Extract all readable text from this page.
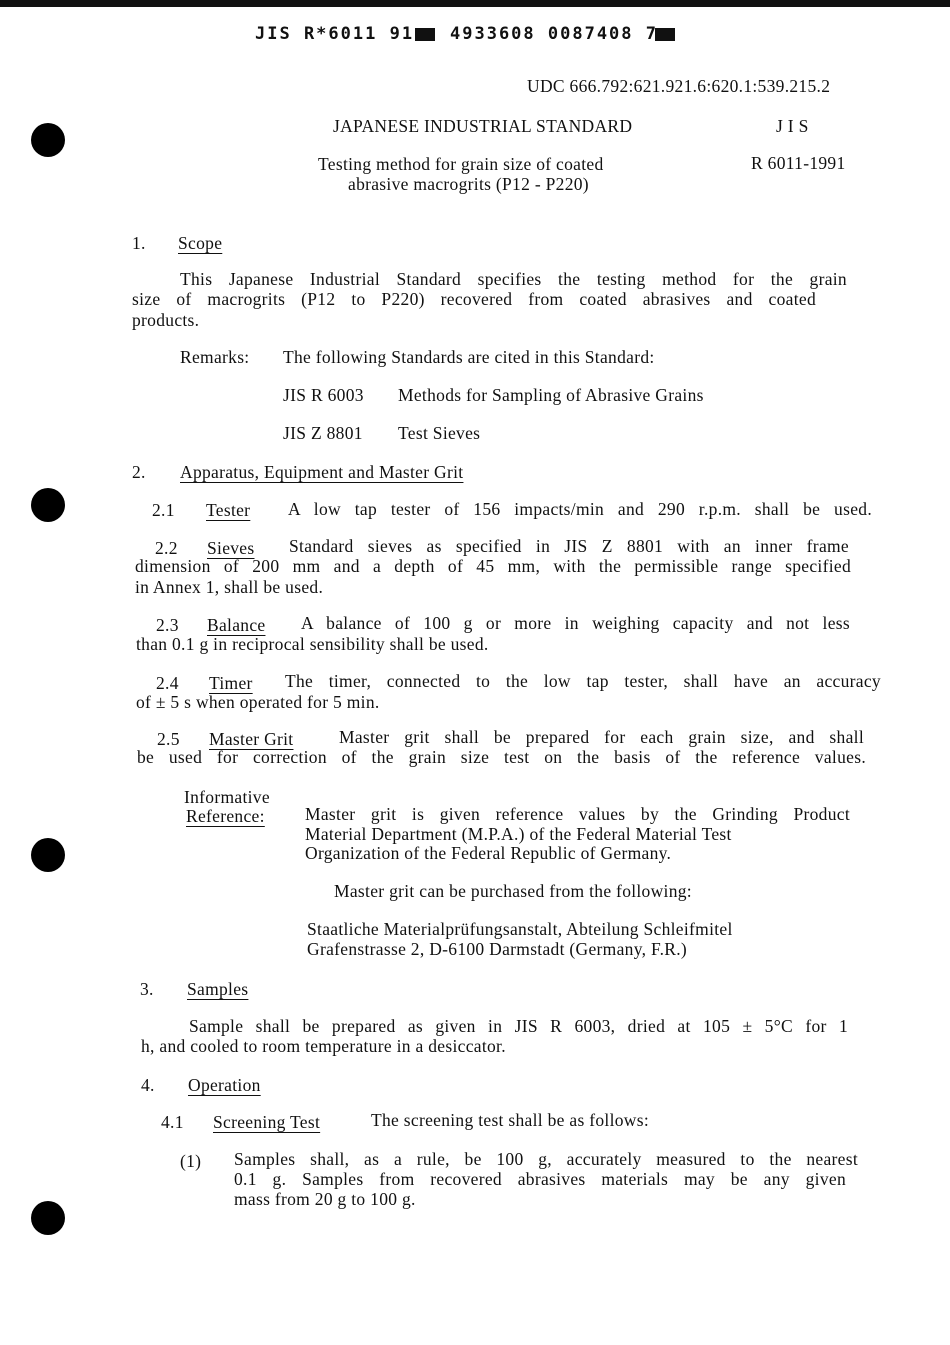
JIS R*6011 91 4933608 0087408 7
UDC 666.792:621.921.6:620.1:539.215.2
JAPANESE INDUSTRIAL STANDARD	J I S
Testing method for grain size of coated
abrasive macrogrits (P12 - P220)
R 6011-1991
1. Scope
This Japanese Industrial Standard specifies the testing method for the grain
size of macrogrits (P12 to P220) recovered from coated abrasives and coated
products.
Remarks: The following Standards are cited in this Standard:
JIS R 6003 Methods for Sampling of Abrasive Grains
JIS Z 8801 Test Sieves
2. Apparatus, Equipment and Master Grit
2.1 Tester A low tap tester of 156 impacts/min and 290 r.p.m. shall be used.
2.2 Sieves Standard sieves as specified in JIS Z 8801 with an inner frame
dimension of 200 mm and a depth of 45 mm, with the permissible range specified
in Annex 1, shall be used.
2.3 Balance A balance of 100 g or more in weighing capacity and not less
than 0.1 g in reciprocal sensibility shall be used.
2.4 Timer The timer, connected to the low tap tester, shall have an accuracy
of ± 5 s when operated for 5 min.
2.5 Master Grit	Master grit shall be prepared for each grain size, and shall
be used for correction of the grain size test on the basis of the reference values.
Informative
Reference: Master grit is given reference values by the Grinding Product
Material Department (M.P.A.) of the Federal Material Test
Organization of the Federal Republic of Germany.
Master grit can be purchased from the following:
Staatliche Materialprüfungsanstalt, Abteilung Schleifmitel
Grafenstrasse 2, D-6100 Darmstadt (Germany, F.R.)
3. Samples
Sample shall be prepared as given in JIS R 6003, dried at 105 ± 5°C for 1
h, and cooled to room temperature in a desiccator.
4. Operation
4.1 Screening Test	The screening test shall be as follows:
(1) Samples shall, as a rule, be 100 g, accurately measured to the nearest
0.1 g. Samples from recovered abrasives materials may be any given
mass from 20 g to 100 g.
